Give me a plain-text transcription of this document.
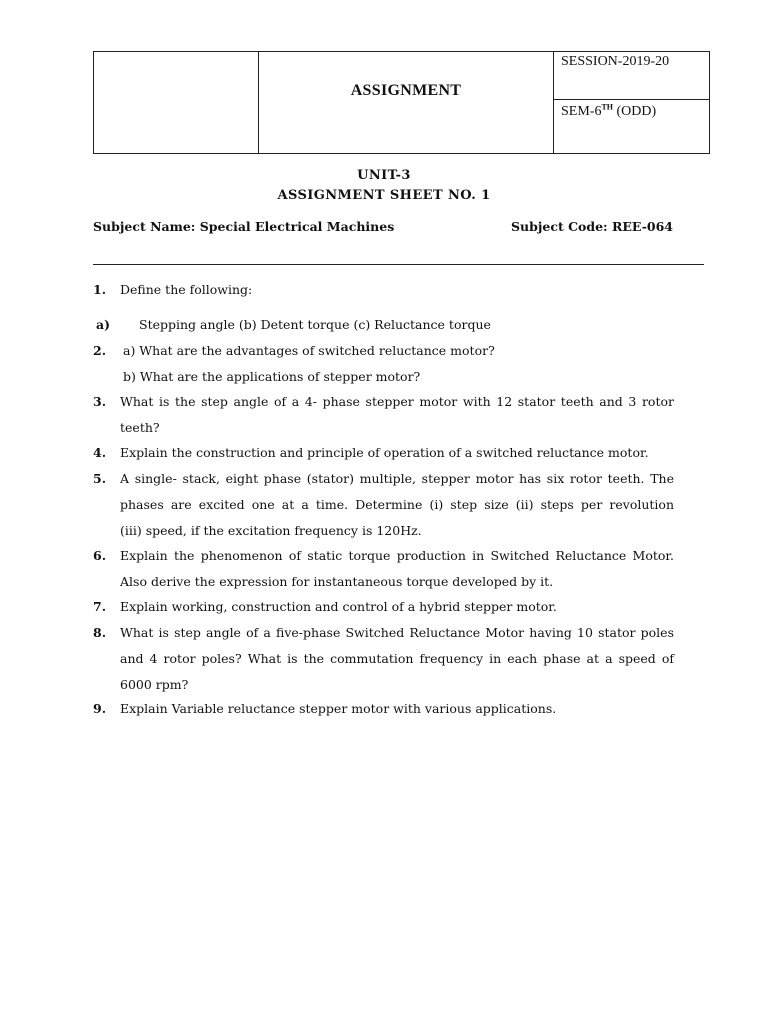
ASSIGNMENT
	SESSION-2019-20
SEM-6TH (ODD)
UNIT-3
ASSIGNMENT SHEET NO. 1
Subject Name: Special Electrical Machines	Subject Code: REE-064
1. Define the following:
a) Stepping angle (b) Detent torque (c) Reluctance torque
2. a) What are the advantages of switched reluctance motor?
b) What are the applications of stepper motor?
3. What is the step angle of a 4- phase stepper motor with 12 stator teeth and 3 rotor
teeth?
4. Explain the construction and principle of operation of a switched reluctance motor.
5. A single- stack, eight phase (stator) multiple, stepper motor has six rotor teeth. The
phases are excited one at a time. Determine (i) step size (ii) steps per revolution
(iii) speed, if the excitation frequency is 120Hz.
6. Explain the phenomenon of static torque production in Switched Reluctance Motor.
Also derive the expression for instantaneous torque developed by it.
7. Explain working, construction and control of a hybrid stepper motor.
8. What is step angle of a five-phase Switched Reluctance Motor having 10 stator poles
and 4 rotor poles? What is the commutation frequency in each phase at a speed of
6000 rpm?
9. Explain Variable reluctance stepper motor with various applications.
